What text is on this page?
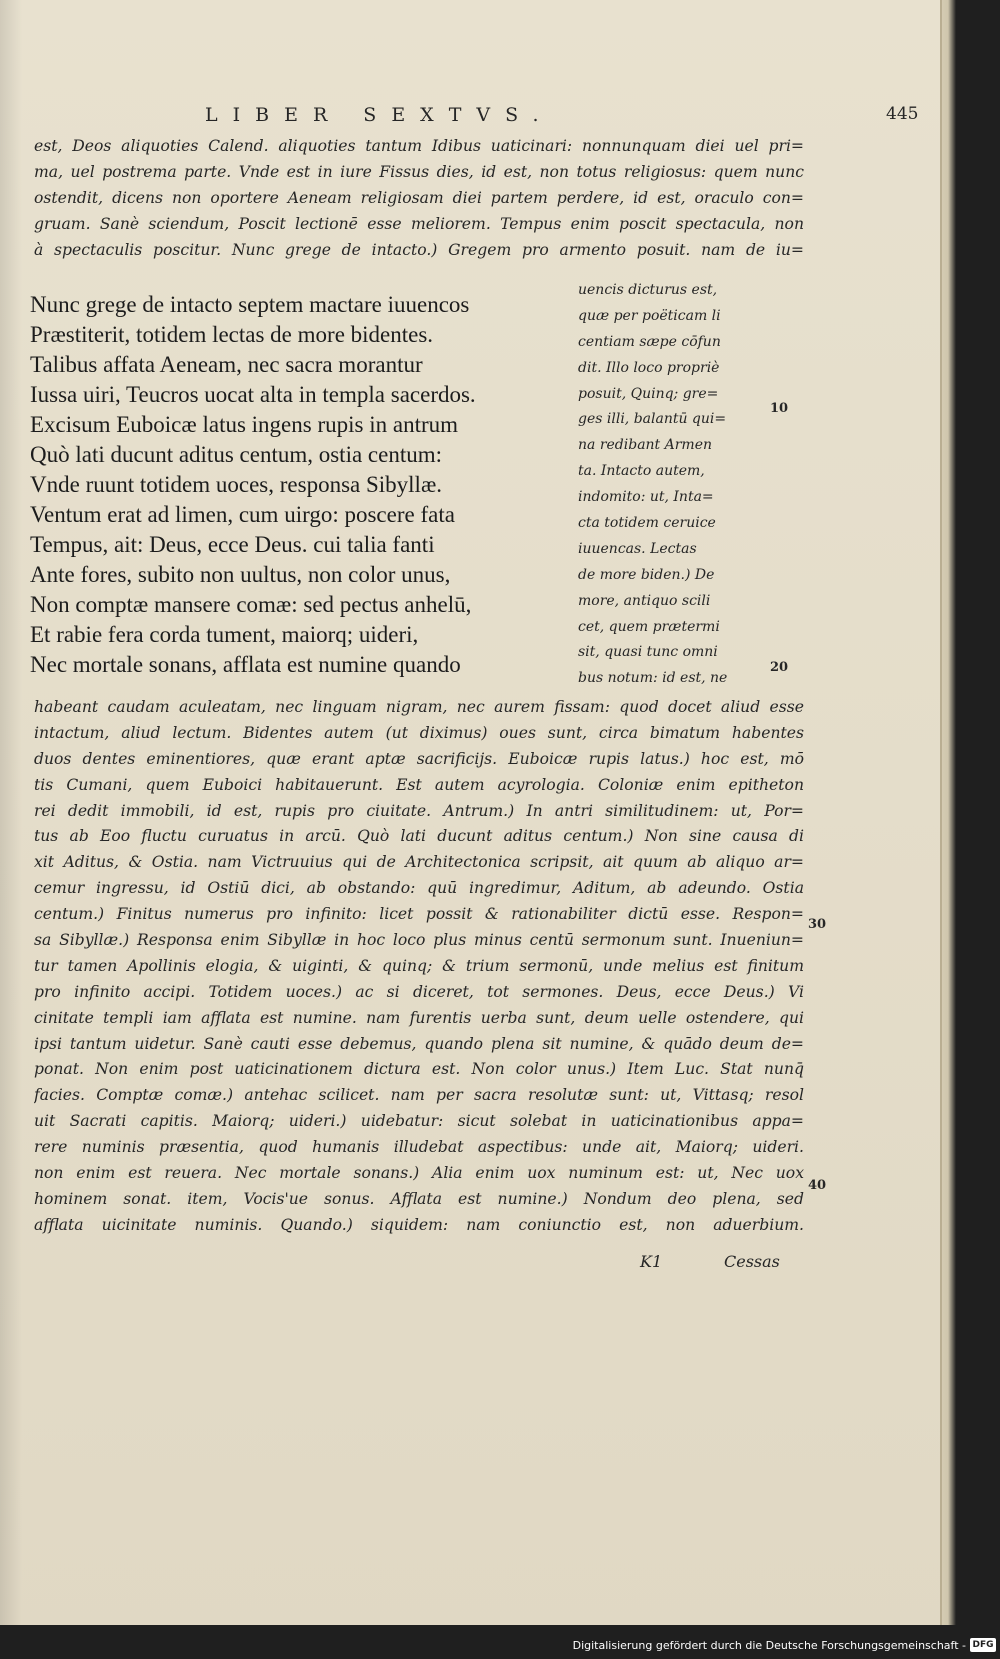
LIBER SEXTVS.	445
est, Deos aliquoties Calend. aliquoties tantum Idibus uaticinari: nonnunquam diei uel pri=
ma, uel postrema parte. Vnde est in iure Fissus dies, id est, non totus religiosus: quem nunc
ostendit, dicens non oportere Aeneam religiosam diei partem perdere, id est, oraculo con=
gruam. Sanè sciendum, Poscit lectionē esse meliorem. Tempus enim poscit spectacula, non
à spectaculis poscitur. Nunc grege de intacto.) Gregem pro armento posuit. nam de iu=
Nunc grege de intacto septem mactare iuuencos
Præstiterit, totidem lectas de more bidentes.
Talibus affata Aeneam, nec sacra morantur
Iussa uiri, Teucros uocat alta in templa sacerdos.
Excisum Euboicæ latus ingens rupis in antrum
Quò lati ducunt aditus centum, ostia centum:
Vnde ruunt totidem uoces, responsa Sibyllæ.
Ventum erat ad limen, cum uirgo: poscere fata
Tempus, ait: Deus, ecce Deus. cui talia fanti
Ante fores, subito non uultus, non color unus,
Non comptæ mansere comæ: sed pectus anhelū,
Et rabie fera corda tument, maiorq; uideri,
Nec mortale sonans, afflata est numine quando
uencis dicturus est,
quæ per poëticam li
centiam sæpe cōfun
dit. Illo loco propriè
posuit, Quinq; gre=
ges illi, balantū qui=
na redibant Armen
ta. Intacto autem,
indomito: ut, Inta=
cta totidem ceruice
iuuencas. Lectas
de more biden.) De
more, antiquo scili
cet, quem prætermi
sit, quasi tunc omni
bus notum: id est, ne
10
20
habeant caudam aculeatam, nec linguam nigram, nec aurem fissam: quod docet aliud esse
intactum, aliud lectum. Bidentes autem (ut diximus) oues sunt, circa bimatum habentes
duos dentes eminentiores, quæ erant aptæ sacrificijs. Euboicæ rupis latus.) hoc est, mō
tis Cumani, quem Euboici habitauerunt. Est autem acyrologia. Coloniæ enim epitheton
rei dedit immobili, id est, rupis pro ciuitate. Antrum.) In antri similitudinem: ut, Por=
tus ab Eoo fluctu curuatus in arcū. Quò lati ducunt aditus centum.) Non sine causa di
xit Aditus, & Ostia. nam Victruuius qui de Architectonica scripsit, ait quum ab aliquo ar=
cemur ingressu, id Ostiū dici, ab obstando: quū ingredimur, Aditum, ab adeundo. Ostia
centum.) Finitus numerus pro infinito: licet possit & rationabiliter dictū esse. Respon=
sa Sibyllæ.) Responsa enim Sibyllæ in hoc loco plus minus centū sermonum sunt. Inueniun=
tur tamen Apollinis elogia, & uiginti, & quinq; & trium sermonū, unde melius est finitum
pro infinito accipi. Totidem uoces.) ac si diceret, tot sermones. Deus, ecce Deus.) Vi
cinitate templi iam afflata est numine. nam furentis uerba sunt, deum uelle ostendere, qui
ipsi tantum uidetur. Sanè cauti esse debemus, quando plena sit numine, & quādo deum de=
ponat. Non enim post uaticinationem dictura est. Non color unus.) Item Luc. Stat nunq̄
facies. Comptæ comæ.) antehac scilicet. nam per sacra resolutæ sunt: ut, Vittasq; resol
uit Sacrati capitis. Maiorq; uideri.) uidebatur: sicut solebat in uaticinationibus appa=
rere numinis præsentia, quod humanis illudebat aspectibus: unde ait, Maiorq; uideri.
non enim est reuera. Nec mortale sonans.) Alia enim uox numinum est: ut, Nec uox
hominem sonat. item, Vocis'ue sonus. Afflata est numine.) Nondum deo plena, sed
afflata uicinitate numinis. Quando.) siquidem: nam coniunctio est, non aduerbium.
30
40
K1	Cessas
Digitalisierung gefördert durch die Deutsche Forschungsgemeinschaft - DFG
